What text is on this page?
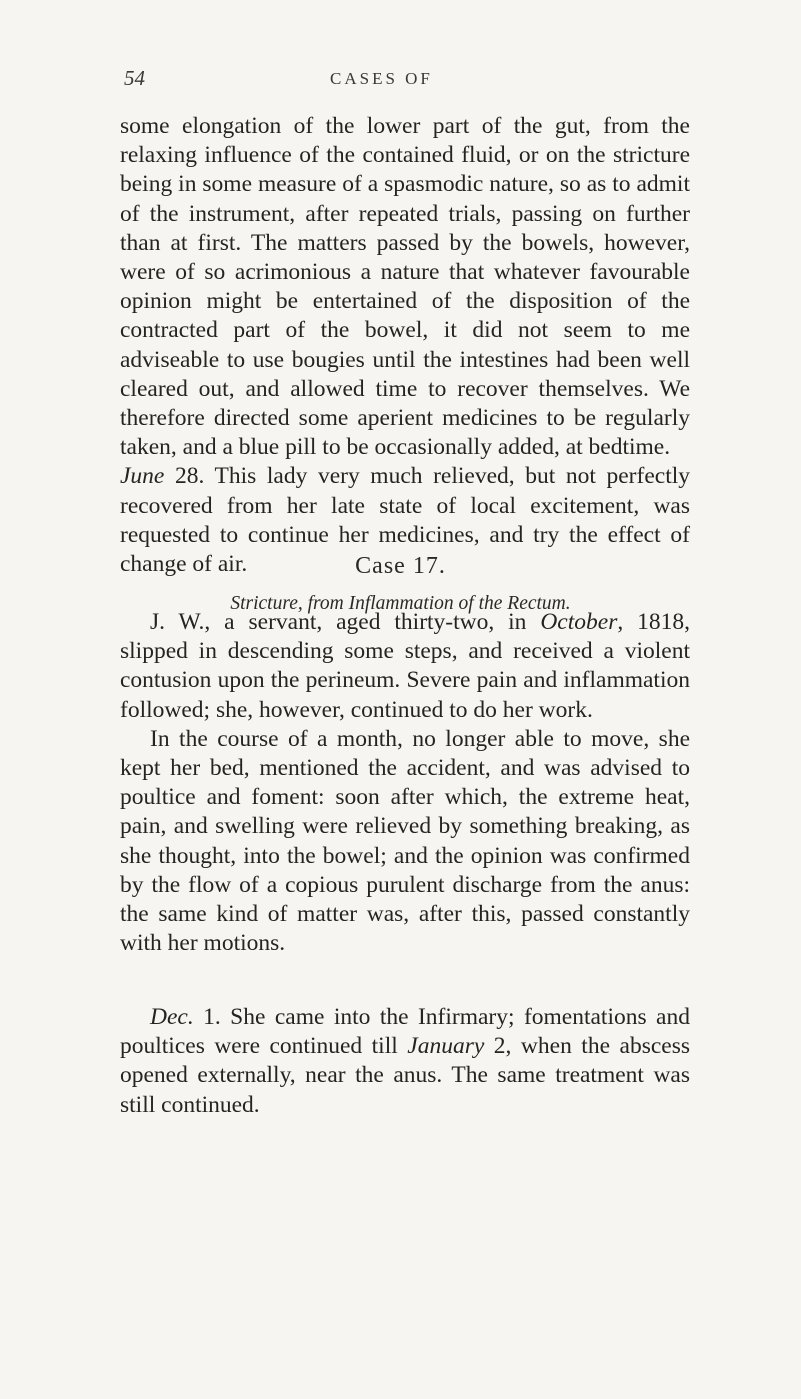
54	CASES OF

some elongation of the lower part of the gut, from the relaxing influence of the contained fluid, or on the stricture being in some measure of a spasmodic nature, so as to admit of the instrument, after repeated trials, passing on further than at first. The matters passed by the bowels, however, were of so acrimonious a nature that whatever favourable opinion might be entertained of the disposition of the contracted part of the bowel, it did not seem to me adviseable to use bougies until the intestines had been well cleared out, and allowed time to recover themselves. We therefore directed some aperient medicines to be regularly taken, and a blue pill to be occasionally added, at bedtime.

June 28. This lady very much relieved, but not perfectly recovered from her late state of local excitement, was requested to continue her medicines, and try the effect of change of air.	Case 17.
Stricture, from Inflammation of the Rectum.

J. W., a servant, aged thirty-two, in October, 1818, slipped in descending some steps, and received a violent contusion upon the perineum. Severe pain and inflammation followed; she, however, continued to do her work.

In the course of a month, no longer able to move, she kept her bed, mentioned the accident, and was advised to poultice and foment: soon after which, the extreme heat, pain, and swelling were relieved by something breaking, as she thought, into the bowel; and the opinion was confirmed by the flow of a copious purulent discharge from the anus: the same kind of matter was, after this, passed constantly with her motions.

Dec. 1. She came into the Infirmary; fomentations and poultices were continued till January 2, when the abscess opened externally, near the anus. The same treatment was still continued.
